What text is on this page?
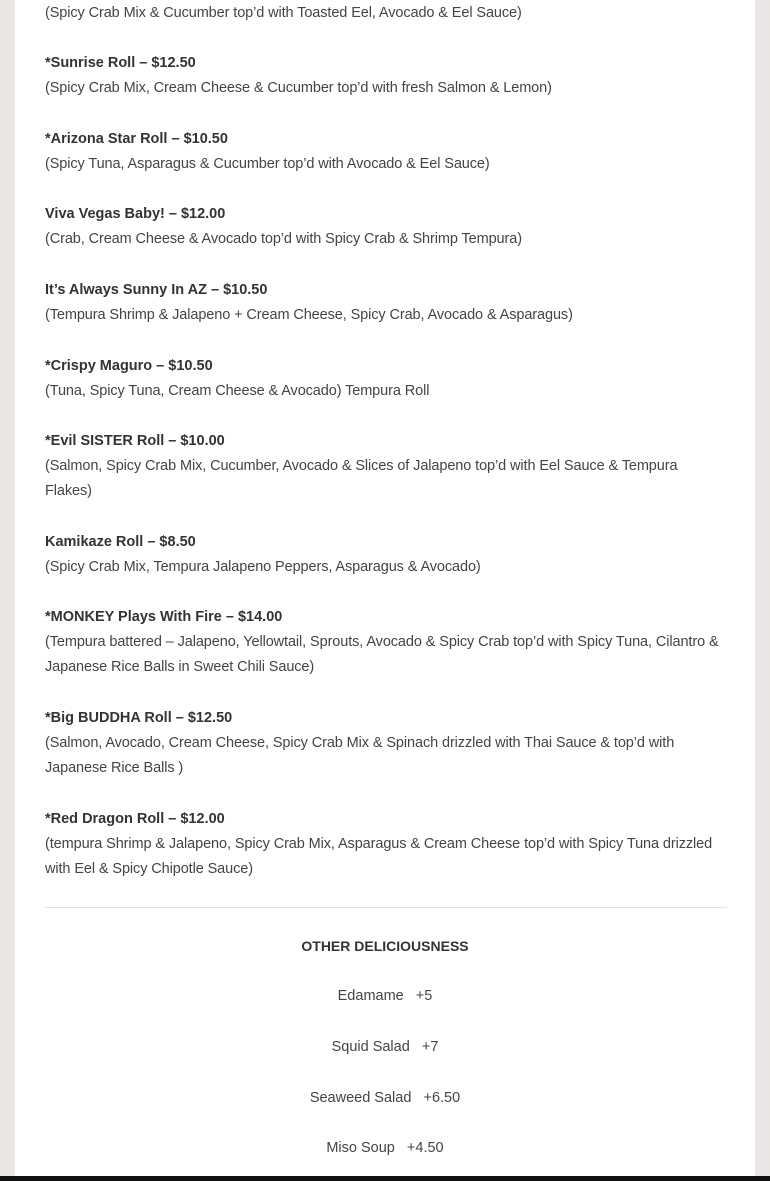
(Spicy Crab Mix & Cucumber top’d with Toasted Eel, Avocado & Eel Sauce)
*Sunrise Roll – $12.50
(Spicy Crab Mix, Cream Cheese & Cucumber top’d with fresh Salmon & Lemon)
*Arizona Star Roll – $10.50
(Spicy Tuna, Asparagus & Cucumber top’d with Avocado & Eel Sauce)
Viva Vegas Baby! – $12.00
(Crab, Cream Cheese & Avocado top’d with Spicy Crab & Shrimp Tempura)
It’s Always Sunny In AZ – $10.50
(Tempura Shrimp & Jalapeno + Cream Cheese, Spicy Crab, Avocado & Asparagus)
*Crispy Maguro – $10.50
(Tuna, Spicy Tuna, Cream Cheese & Avocado) Tempura Roll
*Evil SISTER Roll – $10.00
(Salmon, Spicy Crab Mix, Cucumber, Avocado & Slices of Jalapeno top’d with Eel Sauce & Tempura Flakes)
Kamikaze Roll – $8.50
(Spicy Crab Mix, Tempura Jalapeno Peppers, Asparagus & Avocado)
*MONKEY Plays With Fire – $14.00
(Tempura battered – Jalapeno, Yellowtail, Sprouts, Avocado & Spicy Crab top’d with Spicy Tuna, Cilantro & Japanese Rice Balls in Sweet Chili Sauce)
*Big BUDDHA Roll – $12.50
(Salmon, Avocado, Cream Cheese, Spicy Crab Mix & Spinach drizzled with Thai Sauce & top’d with Japanese Rice Balls )
*Red Dragon Roll – $12.00
(tempura Shrimp & Jalapeno, Spicy Crab Mix, Asparagus & Cream Cheese top’d with Spicy Tuna drizzled with Eel & Spicy Chipotle Sauce)
OTHER DELICIOUSNESS
Edamame   +5
Squid Salad   +7
Seaweed Salad   +6.50
Miso Soup   +4.50
